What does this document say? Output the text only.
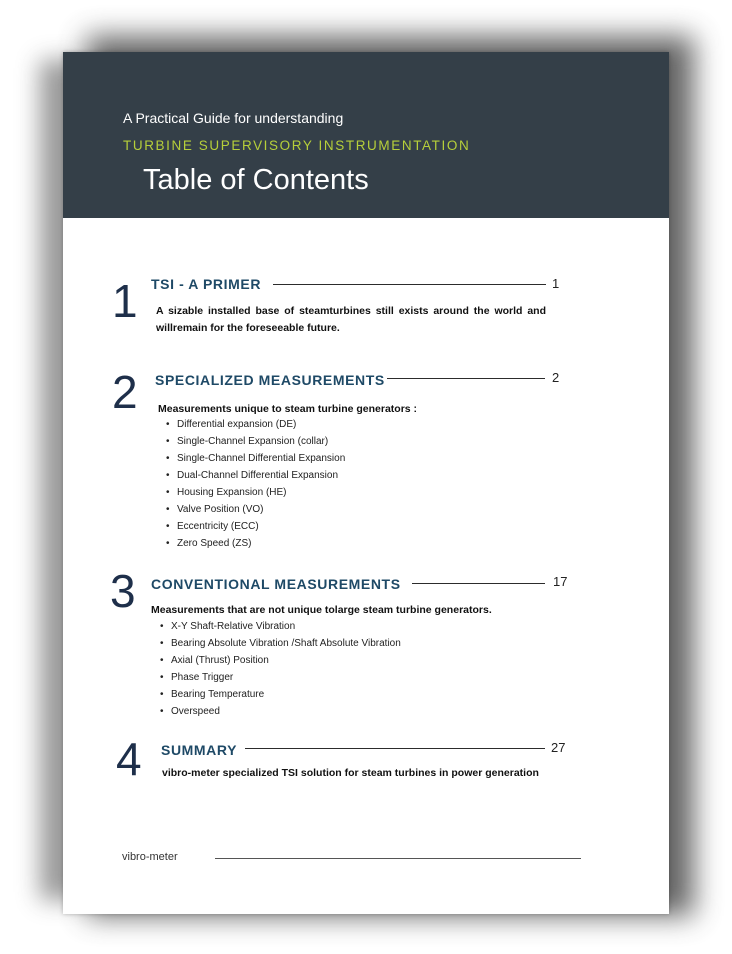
A Practical Guide for understanding
TURBINE SUPERVISORY INSTRUMENTATION
Table of Contents
1 TSI - A PRIMER	1
A sizable installed base of steamturbines still exists around the world and willremain for the foreseeable future.
2 SPECIALIZED MEASUREMENTS	2
Measurements unique to steam turbine generators :
• Differential expansion (DE)
• Single-Channel Expansion (collar)
• Single-Channel Differential Expansion
• Dual-Channel Differential Expansion
• Housing Expansion (HE)
• Valve Position (VO)
• Eccentricity (ECC)
• Zero Speed (ZS)
3 CONVENTIONAL MEASUREMENTS	17
Measurements that are not unique tolarge steam turbine generators.
• X-Y Shaft-Relative Vibration
• Bearing Absolute Vibration /Shaft Absolute Vibration
• Axial (Thrust) Position
• Phase Trigger
• Bearing Temperature
• Overspeed
4 SUMMARY	27
vibro-meter specialized TSI solution for steam turbines in power generation
vibro-meter
